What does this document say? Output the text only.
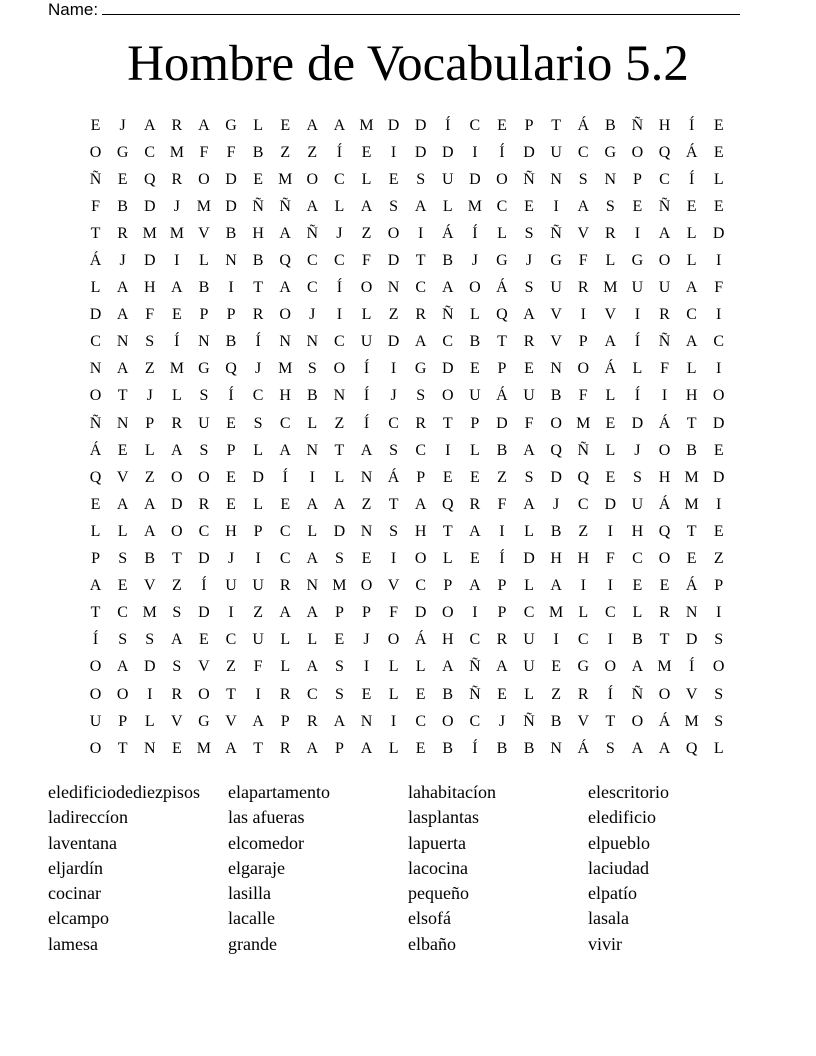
Name:
Hombre de Vocabulario 5.2
E	J	A R A G	L	E	A A M D D	Í	C	E	P	T	Á B Ñ H	Í	E
O G C M F	F	B	Z	Z	Í	E	I	D D	I	Í	D U C G O Q Á	E
Ñ	E	Q R O D	E M O C	L	E	S	U D O Ñ N	S	N	P	C	Í	L
F	B D	J	M D Ñ Ñ A	L	A	S	A	L M C	E	I	A	S	E	Ñ	E	E
T	R M M V B H A Ñ	J	Z	O	I	Á	Í	L	S	Ñ V R	I	A	L	D
Á	J	D	I	L	N B Q C	C	F	D	T	B	J	G	J	G	F	L	G O	L	I
L	A H A B	I	T	A C	Í	O N C A O Á	S	U R M U U A	F
D A	F	E	P	P	R O	J	I	L	Z	R Ñ	L	Q A V	I	V	I	R	C	I
C N	S	Í	N B	Í	N N C U D A C	B	T	R V	P	A	Í	Ñ A C
N A	Z M G Q	J	M S	O	Í	I	G D	E	P	E	N O Á	L	F	L	I
O	T	J	L	S	Í	C H B N	Í	J	S	O U Á U B	F	L	Í	I	H O
Ñ N	P	R U	E	S	C	L	Z	Í	C	R	T	P	D	F	O M E	D Á	T	D
Á	E	L	A	S	P	L	A N	T	A	S	C	I	L	B A Q Ñ	L	J	O B	E
Q V	Z	O O	E	D	Í	I	L	N Á	P	E	E	Z	S	D Q	E	S	H M D
E	A A D R	E	L	E	A A	Z	T	A Q R	F	A	J	C D U Á M	I
L	L	A O C H	P	C	L	D N	S	H	T	A	I	L	B	Z	I	H Q	T	E
P	S	B	T	D	J	I	C A	S	E	I	O	L	E	Í	D H H	F	C O	E	Z
A	E	V	Z	Í	U U R N M O V C	P	A	P	L	A	I	I	E	E	Á	P
T	C M S	D	I	Z	A A	P	P	F	D O	I	P	C M L	C	L	R N	I
Í	S	S	A	E	C U	L	L	E	J	O Á H C	R U	I	C	I	B	T	D	S
O A D	S	V	Z	F	L	A	S	I	L	L	A Ñ A U	E	G O A M	Í	O
O O	I	R O	T	I	R	C	S	E	L	E	B Ñ	E	L	Z	R	Í	Ñ O V	S
U	P	L	V G V A	P	R A N	I	C O C	J	Ñ B V	T	O Á M S
O	T	N	E M A	T	R A	P	A	L	E	B	Í	B	B N Á	S	A A Q	L
eledificiodediezpisos	elapartamento	lahabitacíon	elescritorio
ladireccíon	las afueras	lasplantas	eledificio
laventana	elcomedor	lapuerta	elpueblo
eljardín	elgaraje	lacocina	laciudad
cocinar	lasilla	pequeño	elpatío
elcampo	lacalle	elsofá	lasala
lamesa	grande	elbaño	vivir
